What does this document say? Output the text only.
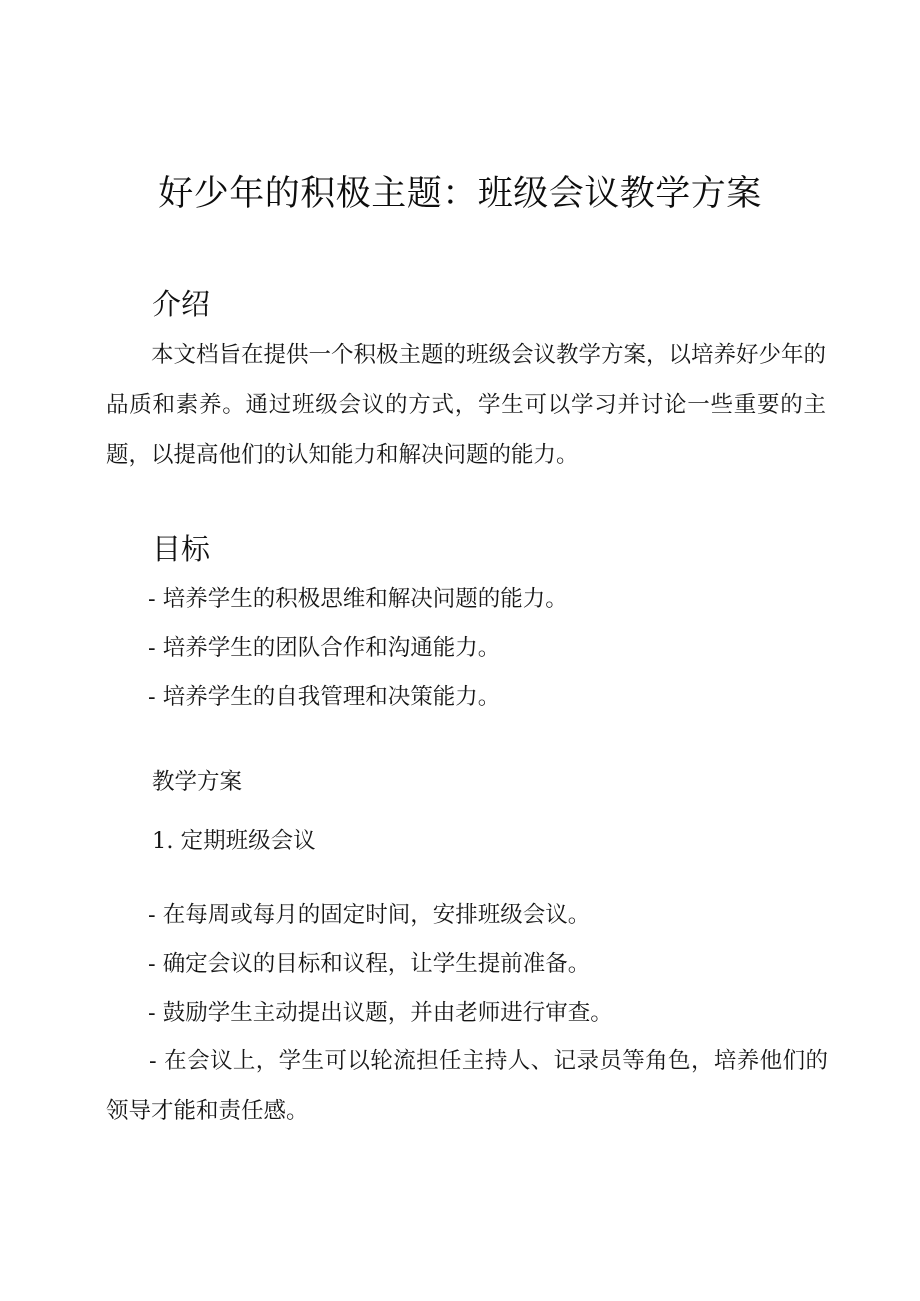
好少年的积极主题：班级会议教学方案
介绍

本文档旨在提供一个积极主题的班级会议教学方案，以培养好少年的品质和素养。通过班级会议的方式，学生可以学习并讨论一些重要的主题，以提高他们的认知能力和解决问题的能力。

目标
- 培养学生的积极思维和解决问题的能力。
- 培养学生的团队合作和沟通能力。
- 培养学生的自我管理和决策能力。
教学方案
1. 定期班级会议
- 在每周或每月的固定时间，安排班级会议。
- 确定会议的目标和议程，让学生提前准备。
- 鼓励学生主动提出议题，并由老师进行审查。

- 在会议上，学生可以轮流担任主持人、记录员等角色，培养他们的领导才能和责任感。
